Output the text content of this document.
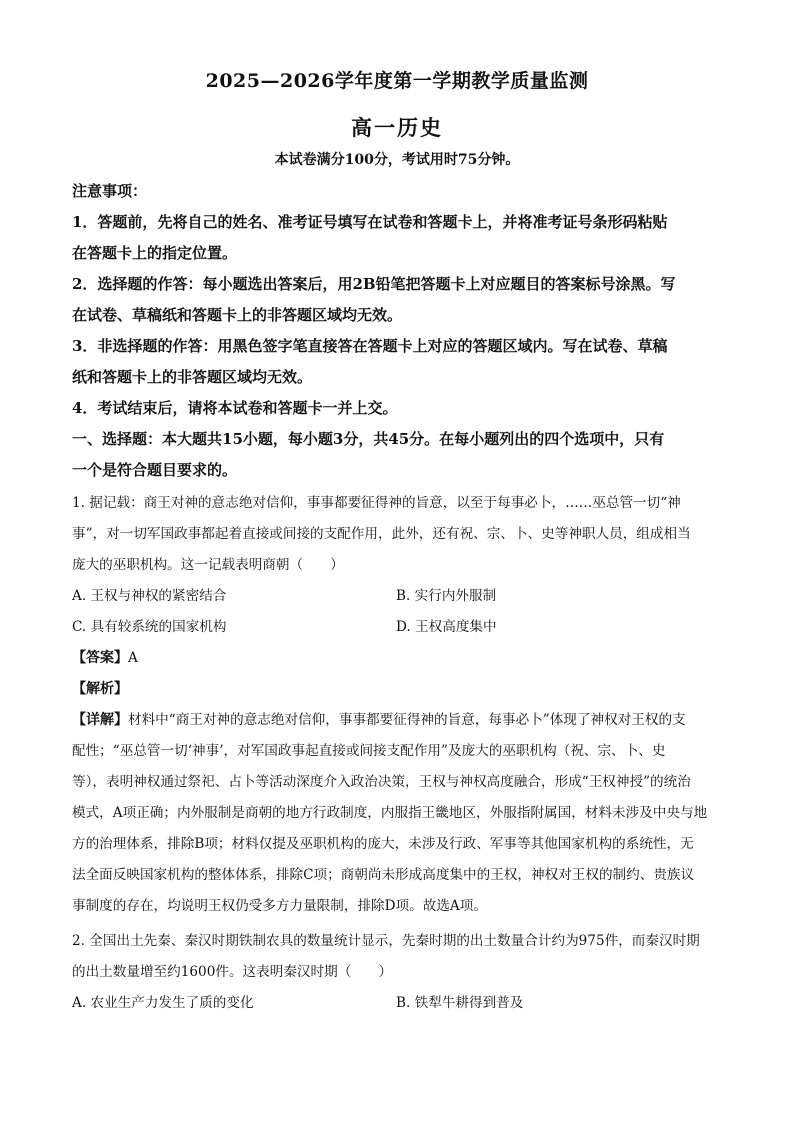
2025—2026学年度第一学期教学质量监测
高一历史
本试卷满分100分，考试用时75分钟。

注意事项：

1．答题前，先将自己的姓名、准考证号填写在试卷和答题卡上，并将准考证号条形码粘贴

在答题卡上的指定位置。

2．选择题的作答：每小题选出答案后，用2B铅笔把答题卡上对应题目的答案标号涂黑。写

在试卷、草稿纸和答题卡上的非答题区域均无效。

3．非选择题的作答：用黑色签字笔直接答在答题卡上对应的答题区域内。写在试卷、草稿

纸和答题卡上的非答题区域均无效。

4．考试结束后，请将本试卷和答题卡一并上交。

一、选择题：本大题共15小题，每小题3分，共45分。在每小题列出的四个选项中，只有

一个是符合题目要求的。

1. 据记载：商王对神的意志绝对信仰，事事都要征得神的旨意，以至于每事必卜，……巫总管一切“神

事”，对一切军国政事都起着直接或间接的支配作用，此外，还有祝、宗、卜、史等神职人员，组成相当

庞大的巫职机构。这一记载表明商朝（　　）

A. 王权与神权的紧密结合	B. 实行内外服制
C. 具有较系统的国家机构	D. 王权高度集中

【答案】A

【解析】

【详解】材料中“商王对神的意志绝对信仰，事事都要征得神的旨意，每事必卜”体现了神权对王权的支

配性；“巫总管一切‘神事’，对军国政事起直接或间接支配作用”及庞大的巫职机构（祝、宗、卜、史

等），表明神权通过祭祀、占卜等活动深度介入政治决策，王权与神权高度融合，形成“王权神授”的统治

模式，A项正确；内外服制是商朝的地方行政制度，内服指王畿地区，外服指附属国，材料未涉及中央与地

方的治理体系，排除B项；材料仅提及巫职机构的庞大，未涉及行政、军事等其他国家机构的系统性，无

法全面反映国家机构的整体体系，排除C项；商朝尚未形成高度集中的王权，神权对王权的制约、贵族议

事制度的存在，均说明王权仍受多方力量限制，排除D项。故选A项。

2. 全国出土先秦、秦汉时期铁制农具的数量统计显示，先秦时期的出土数量合计约为975件，而秦汉时期

的出土数量增至约1600件。这表明秦汉时期（　　）

A. 农业生产力发生了质的变化	B. 铁犁牛耕得到普及
